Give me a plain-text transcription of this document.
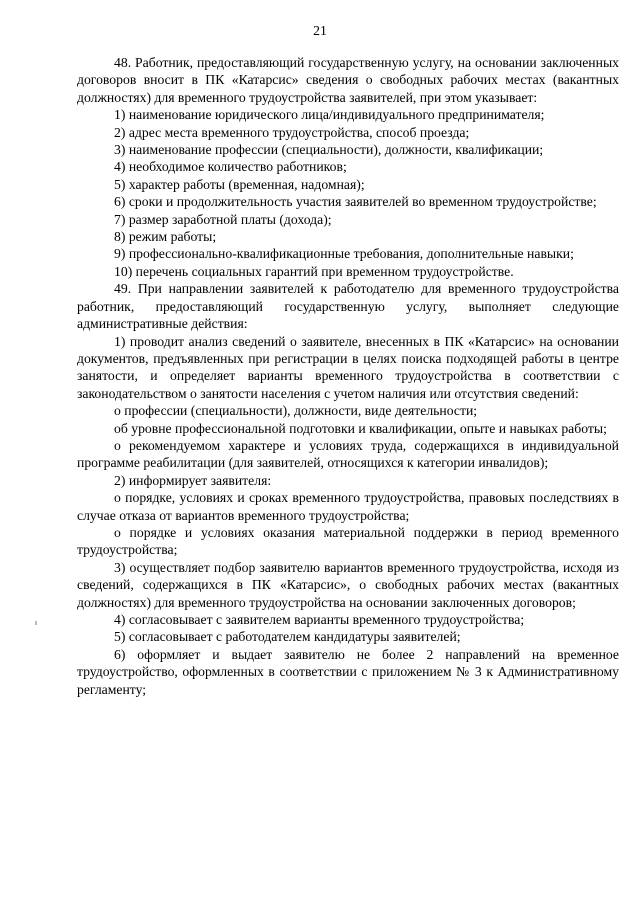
21

48. Работник, предоставляющий государственную услугу, на основании заключенных договоров вносит в ПК «Катарсис» сведения о свободных рабочих местах (вакантных должностях) для временного трудоустройства заявителей, при этом указывает:

1) наименование юридического лица/индивидуального предпринимателя;

2) адрес места временного трудоустройства, способ проезда;

3) наименование профессии (специальности), должности, квалификации;

4) необходимое количество работников;

5) характер работы (временная, надомная);

6) сроки и продолжительность участия заявителей во временном трудоустройстве;

7) размер заработной платы (дохода);

8) режим работы;

9) профессионально-квалификационные требования, дополнительные навыки;

10) перечень социальных гарантий при временном трудоустройстве.

49. При направлении заявителей к работодателю для временного трудоустройства работник, предоставляющий государственную услугу, выполняет следующие административные действия:

1) проводит анализ сведений о заявителе, внесенных в ПК «Катарсис» на основании документов, предъявленных при регистрации в целях поиска подходящей работы в центре занятости, и определяет варианты временного трудоустройства в соответствии с законодательством о занятости населения с учетом наличия или отсутствия сведений:

о профессии (специальности), должности, виде деятельности;

об уровне профессиональной подготовки и квалификации, опыте и навыках работы;

о рекомендуемом характере и условиях труда, содержащихся в индивидуальной программе реабилитации (для заявителей, относящихся к категории инвалидов);

2) информирует заявителя:

о порядке, условиях и сроках временного трудоустройства, правовых последствиях в случае отказа от вариантов временного трудоустройства;

о порядке и условиях оказания материальной поддержки в период временного трудоустройства;

3) осуществляет подбор заявителю вариантов временного трудоустройства, исходя из сведений, содержащихся в ПК «Катарсис», о свободных рабочих местах (вакантных должностях) для временного трудоустройства на основании заключенных договоров;

4) согласовывает с заявителем варианты временного трудоустройства;

5) согласовывает с работодателем кандидатуры заявителей;

6) оформляет и выдает заявителю не более 2 направлений на временное трудоустройство, оформленных в соответствии с приложением № 3 к Административному регламенту;
